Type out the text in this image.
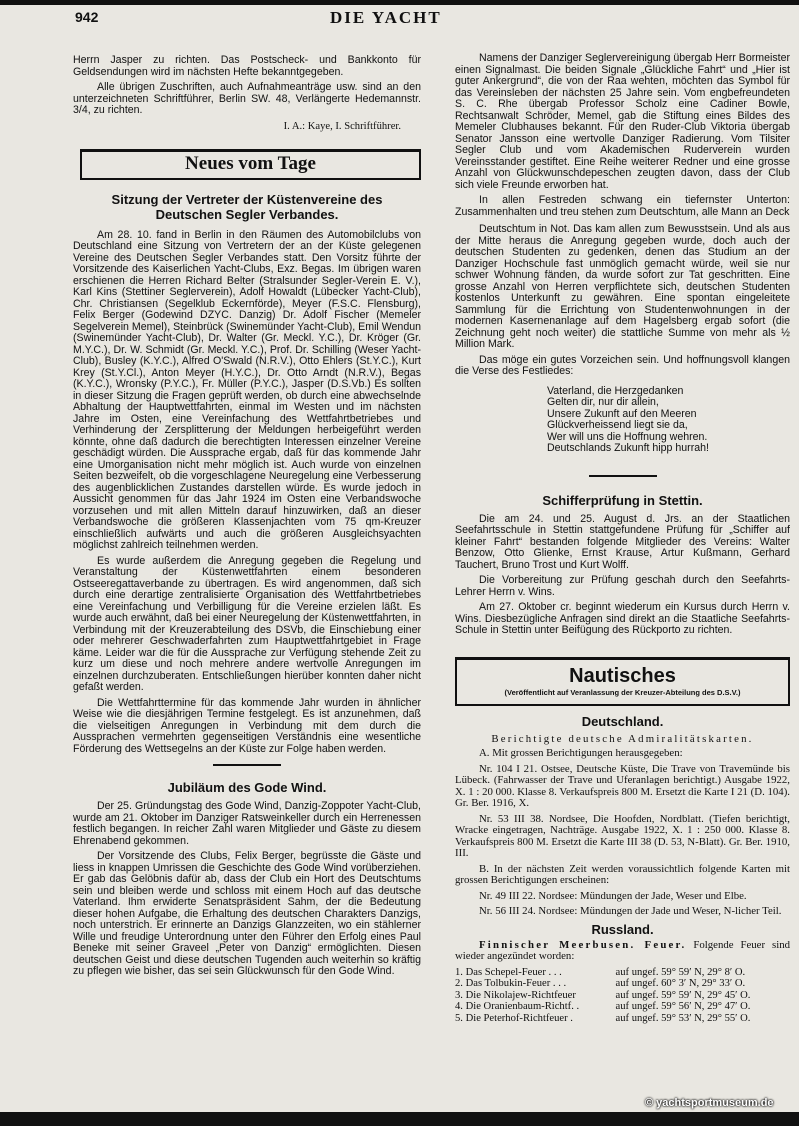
942	DIE YACHT

Herrn Jasper zu richten. Das Postscheck- und Bankkonto für Geldsendungen wird im nächsten Hefte bekanntgegeben.

Alle übrigen Zuschriften, auch Aufnahmeanträge usw. sind an den unterzeichneten Schriftführer, Berlin SW. 48, Verlängerte Hedemannstr. 3/4, zu richten.

I. A.: Kaye, I. Schriftführer.
Neues vom Tage
Sitzung der Vertreter der Küstenvereine des Deutschen Segler Verbandes.

Am 28. 10. fand in Berlin in den Räumen des Automobilclubs von Deutschland eine Sitzung von Vertretern der an der Küste gelegenen Vereine des Deutschen Segler Verbandes statt. Den Vorsitz führte der Vorsitzende des Kaiserlichen Yacht-Clubs, Exz. Begas. Im übrigen waren erschienen die Herren Richard Belter (Stralsunder Segler-Verein E. V.), Karl Kins (Stettiner Seglerverein), Adolf Howaldt (Lübecker Yacht-Club), Chr. Christiansen (Segelklub Eckernförde), Meyer (F.S.C. Flensburg), Felix Berger (Godewind DZYC. Danzig) Dr. Adolf Fischer (Memeler Segelverein Memel), Steinbrück (Swinemünder Yacht-Club), Emil Wendun (Swinemünder Yacht-Club), Dr. Walter (Gr. Meckl. Y.C.), Dr. Kröger (Gr. M.Y.C.), Dr. W. Schmidt (Gr. Meckl. Y.C.), Prof. Dr. Schilling (Weser Yacht-Club), Busley (K.Y.C.), Alfred O'Swald (N.R.V.), Otto Ehlers (St.Y.C.), Kurt Krey (St.Y.Cl.), Anton Meyer (H.Y.C.), Dr. Otto Arndt (N.R.V.), Begas (K.Y.C.), Wronsky (P.Y.C.), Fr. Müller (P.Y.C.), Jasper (D.S.Vb.) Es sollten in dieser Sitzung die Fragen geprüft werden, ob durch eine abwechselnde Abhaltung der Hauptwettfahrten, einmal im Westen und im nächsten Jahre im Osten, eine Vereinfachung des Wettfahrtbetriebes und Verhinderung der Zersplitterung der Meldungen herbeigeführt werden könnte, ohne daß dadurch die berechtigten Interessen einzelner Vereine geschädigt würden. Die Aussprache ergab, daß für das kommende Jahr eine Umorganisation nicht mehr möglich ist. Auch wurde von einzelnen Seiten bezweifelt, ob die vorgeschlagene Neuregelung eine Verbesserung des augenblicklichen Zustandes darstellen würde. Es wurde jedoch in Aussicht genommen für das Jahr 1924 im Osten eine Verbandswoche vorzusehen und mit allen Mitteln darauf hinzuwirken, daß an dieser Verbandswoche die größeren Klassenjachten vom 75 qm-Kreuzer einschließlich aufwärts und auch die größeren Ausgleichsyachten möglichst zahlreich teilnehmen werden.

Es wurde außerdem die Anregung gegeben die Regelung und Veranstaltung der Küstenwettfahrten einem besonderen Ostseeregattaverbande zu übertragen. Es wird angenommen, daß sich durch eine derartige zentralisierte Organisation des Wettfahrtbetriebes eine Vereinfachung und Verbilligung für die Vereine erzielen läßt. Es wurde auch erwähnt, daß bei einer Neuregelung der Küstenwettfahrten, in Verbindung mit der Kreuzerabteilung des DSVb, die Einschiebung einer oder mehrerer Geschwaderfahrten zum Hauptwettfahrtgebiet in Frage käme. Leider war die für die Aussprache zur Verfügung stehende Zeit zu kurz um diese und noch mehrere andere wertvolle Anregungen im einzelnen durchzuberaten. Entschließungen hierüber konnten daher nicht gefaßt werden.

Die Wettfahrttermine für das kommende Jahr wurden in ähnlicher Weise wie die diesjährigen Termine festgelegt. Es ist anzunehmen, daß die vielseitigen Anregungen in Verbindung mit dem durch die Aussprachen vermehrten gegenseitigen Verständnis eine wesentliche Förderung des Wettsegelns an der Küste zur Folge haben werden.

Jubiläum des Gode Wind.

Der 25. Gründungstag des Gode Wind, Danzig-Zoppoter Yacht-Club, wurde am 21. Oktober im Danziger Ratsweinkeller durch ein Herrenessen festlich begangen. In reicher Zahl waren Mitglieder und Gäste zu diesem Ehrenabend gekommen.

Der Vorsitzende des Clubs, Felix Berger, begrüsste die Gäste und liess in knappen Umrissen die Geschichte des Gode Wind vorüberziehen. Er gab das Gelöbnis dafür ab, dass der Club ein Hort des Deutschtums sein und bleiben werde und schloss mit einem Hoch auf das deutsche Vaterland. Ihm erwiderte Senatspräsident Sahm, der die Bedeutung dieser hohen Aufgabe, die Erhaltung des deutschen Charakters Danzigs, noch unterstrich. Er erinnerte an Danzigs Glanzzeiten, wo ein stählerner Wille und freudige Unterordnung unter den Führer den Erfolg eines Paul Beneke mit seiner Graveel „Peter von Danzig“ ermöglichten. Diesen deutschen Geist und diese deutschen Tugenden auch weiterhin so kräftig zu pflegen wie bisher, das sei sein Glückwunsch für den Gode Wind.

Namens der Danziger Seglervereinigung übergab Herr Bormeister einen Signalmast. Die beiden Signale „Glückliche Fahrt“ und „Hier ist guter Ankergrund“, die von der Raa wehten, möchten das Symbol für das Vereinsleben der nächsten 25 Jahre sein. Vom engbefreundeten S. C. Rhe übergab Professor Scholz eine Cadiner Bowle, Rechtsanwalt Schröder, Memel, gab die Stiftung eines Bildes des Memeler Clubhauses bekannt. Für den Ruder-Club Viktoria übergab Senator Jansson eine wertvolle Danziger Radierung. Vom Tilsiter Segler Club und vom Akademischen Ruderverein wurden Vereinsstander gestiftet. Eine Reihe weiterer Redner und eine grosse Anzahl von Glückwunschdepeschen zeugten davon, dass der Club sich viele Freunde erworben hat.

In allen Festreden schwang ein tiefernster Unterton: Zusammenhalten und treu stehen zum Deutschtum, alle Mann an Deck

Deutschtum in Not. Das kam allen zum Bewusstsein. Und als aus der Mitte heraus die Anregung gegeben wurde, doch auch der deutschen Studenten zu gedenken, denen das Studium an der Danziger Hochschule fast unmöglich gemacht würde, weil sie nur schwer Wohnung fänden, da wurde sofort zur Tat geschritten. Eine grosse Anzahl von Herren verpflichtete sich, deutschen Studenten kostenlos Unterkunft zu gewähren. Eine spontan eingeleitete Sammlung für die Errichtung von Studentenwohnungen in der modernen Kasernenanlage auf dem Hagelsberg ergab sofort (die Zeichnung geht noch weiter) die stattliche Summe von mehr als ½ Million Mark.

Das möge ein gutes Vorzeichen sein. Und hoffnungsvoll klangen die Verse des Festliedes:

Vaterland, die Herzgedanken
Gelten dir, nur dir allein,
Unsere Zukunft auf den Meeren
Glückverheissend liegt sie da,
Wer will uns die Hoffnung wehren.
Deutschlands Zukunft hipp hurrah!
Schifferprüfung in Stettin.

Die am 24. und 25. August d. Jrs. an der Staatlichen Seefahrtsschule in Stettin stattgefundene Prüfung für „Schiffer auf kleiner Fahrt“ bestanden folgende Mitglieder des Vereins: Walter Benzow, Otto Glienke, Ernst Krause, Artur Kußmann, Gerhard Tauchert, Bruno Trost und Kurt Wolff.

Die Vorbereitung zur Prüfung geschah durch den Seefahrts-Lehrer Herrn v. Wins.

Am 27. Oktober cr. beginnt wiederum ein Kursus durch Herrn v. Wins. Diesbezügliche Anfragen sind direkt an die Staatliche Seefahrts-Schule in Stettin unter Beifügung des Rückporto zu richten.

Nautisches
(Veröffentlicht auf Veranlassung der Kreuzer-Abteilung des D.S.V.)
Deutschland.
Berichtigte deutsche Admiralitätskarten.

A. Mit grossen Berichtigungen herausgegeben:

Nr. 104 I 21. Ostsee, Deutsche Küste, Die Trave von Travemünde bis Lübeck. (Fahrwasser der Trave und Uferanlagen berichtigt.) Ausgabe 1922, X. 1 : 20 000. Klasse 8. Verkaufspreis 800 M. Ersetzt die Karte I 21 (D. 104). Gr. Ber. 1916, X.

Nr. 53 III 38. Nordsee, Die Hoofden, Nordblatt. (Tiefen berichtigt, Wracke eingetragen, Nachträge. Ausgabe 1922, X. 1 : 250 000. Klasse 8. Verkaufspreis 800 M. Ersetzt die Karte III 38 (D. 53, N-Blatt). Gr. Ber. 1910, III.

B. In der nächsten Zeit werden voraussichtlich folgende Karten mit grossen Berichtigungen erscheinen:

Nr. 49 III 22. Nordsee: Mündungen der Jade, Weser und Elbe.

Nr. 56 III 24. Nordsee: Mündungen der Jade und Weser, N-licher Teil.

Russland.

Finnischer Meerbusen. Feuer. Folgende Feuer sind wieder angezündet worden:

1. Das Schepel-Feuer . . .	auf ungef. 59° 59′ N, 29° 8′ O.
2. Das Tolbukin-Feuer . . .	auf ungef. 60° 3′ N, 29° 33′ O.
3. Die Nikolajew-Richtfeuer	auf ungef. 59° 59′ N, 29° 45′ O.
4. Die Oranienbaum-Richtf. .	auf ungef. 59° 56′ N, 29° 47′ O.
5. Die Peterhof-Richtfeuer .	auf ungef. 59° 53′ N, 29° 55′ O.
© yachtsportmuseum.de
